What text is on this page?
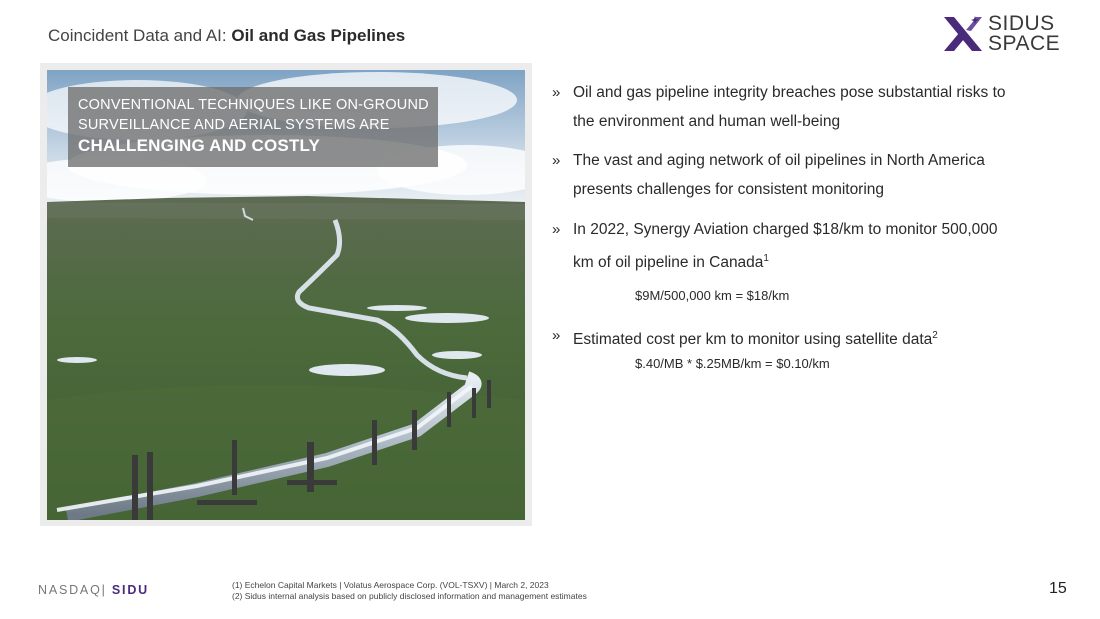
Coincident Data and AI: Oil and Gas Pipelines
SIDUS
SPACE
CONVENTIONAL TECHNIQUES LIKE ON-GROUND
SURVEILLANCE AND AERIAL SYSTEMS ARE
CHALLENGING AND COSTLY
» Oil and gas pipeline integrity breaches pose substantial risks to the environment and human well-being
» The vast and aging network of oil pipelines in North America presents challenges for consistent monitoring
» In 2022, Synergy Aviation charged $18/km to monitor 500,000 km of oil pipeline in Canada$^1$
$9M/500,000 km = $18/km
» Estimated cost per km to monitor using satellite data$^2$
$.40/MB * $.25MB/km = $0.10/km
NASDAQ| SIDU	(1) Echelon Capital Markets | Volatus Aerospace Corp. (VOL-TSXV) | March 2, 2023
(2) Sidus internal analysis based on publicly disclosed information and management estimates	15
